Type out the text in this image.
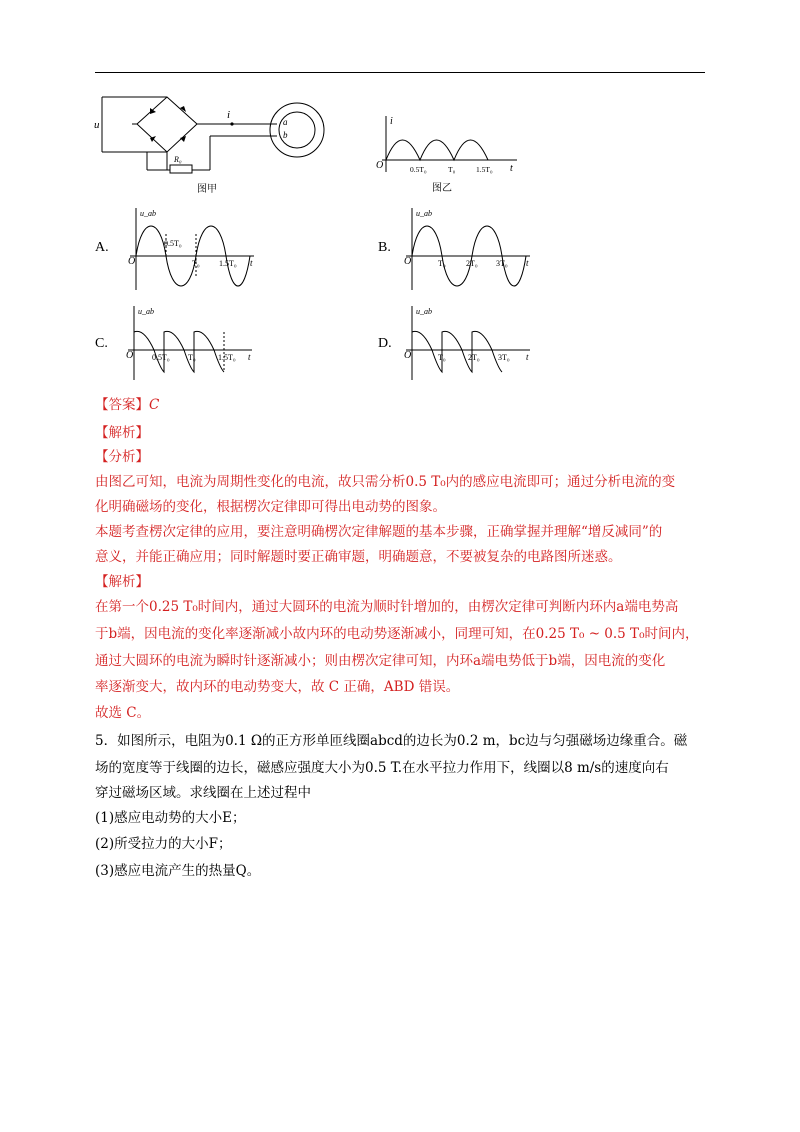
u
i
a
b
R₀
图甲
i
O	t
0.5T₀	T₀	1.5T₀
图乙
A.
u_ab
O	t
0.5T₀
T₀ 1.5T₀
B.
u_ab
O	t
T₀	2T₀ 3T₀
C.
u_ab
O	t
0.5T₀ T₀	1.5T₀
D.
u_ab
O	t
T₀	2T₀ 3T₀
【答案】C
【解析】
【分析】
由图乙可知，电流为周期性变化的电流，故只需分析0.5 T₀内的感应电流即可；通过分析电流的变
化明确磁场的变化，根据楞次定律即可得出电动势的图象。
本题考查楞次定律的应用，要注意明确楞次定律解题的基本步骤，正确掌握并理解“增反减同”的
意义，并能正确应用；同时解题时要正确审题，明确题意，不要被复杂的电路图所迷惑。
【解析】
在第一个0.25 T₀时间内，通过大圆环的电流为顺时针增加的，由楞次定律可判断内环内a端电势高
于b端，因电流的变化率逐渐减小故内环的电动势逐渐减小，同理可知，在0.25 T₀ ~ 0.5 T₀时间内，
通过大圆环的电流为瞬时针逐渐减小；则由楞次定律可知，内环a端电势低于b端，因电流的变化
率逐渐变大，故内环的电动势变大，故 C 正确，ABD 错误。
故选 C。
5．如图所示，电阻为0.1 Ω的正方形单匝线圈abcd的边长为0.2 m，bc边与匀强磁场边缘重合。磁
场的宽度等于线圈的边长，磁感应强度大小为0.5 T.在水平拉力作用下，线圈以8 m/s的速度向右
穿过磁场区域。求线圈在上述过程中
(1)感应电动势的大小E；
(2)所受拉力的大小F；
(3)感应电流产生的热量Q。
